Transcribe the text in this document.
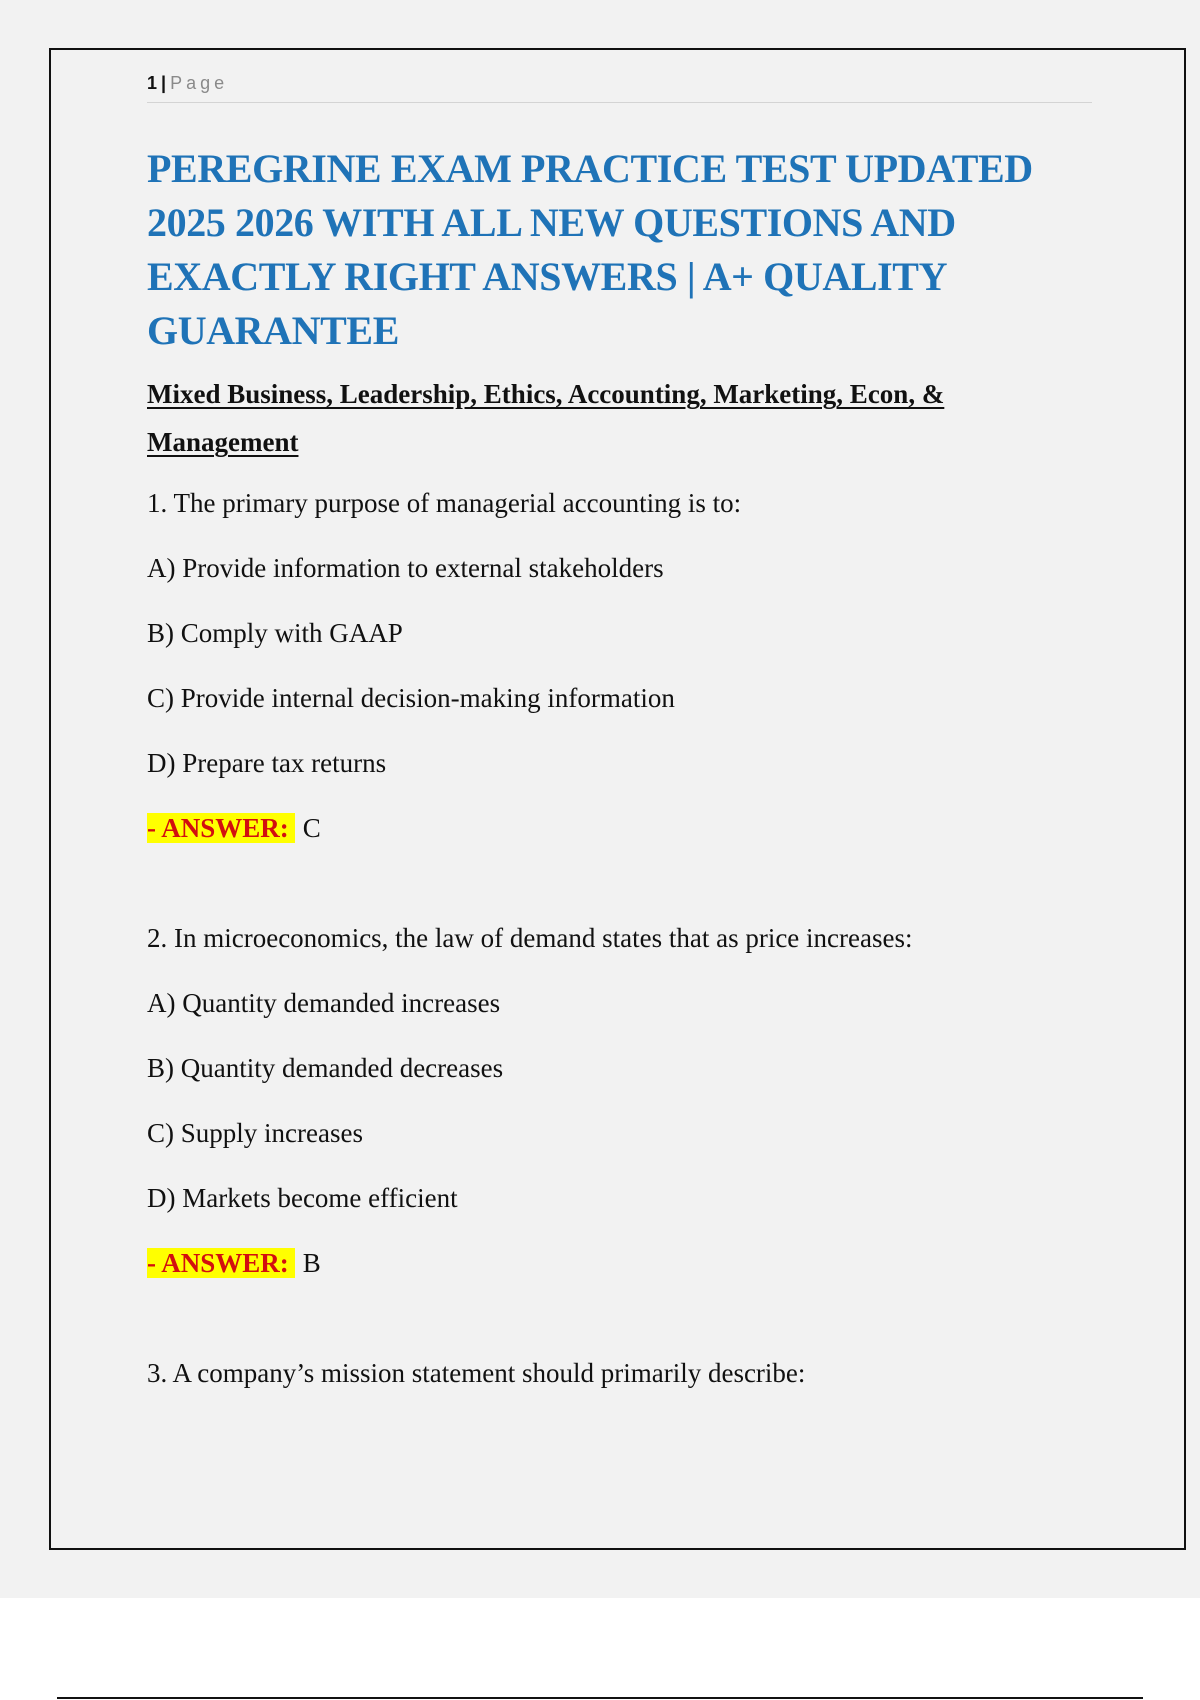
1 | Page
PEREGRINE EXAM PRACTICE TEST UPDATED 2025 2026 WITH ALL NEW QUESTIONS AND EXACTLY RIGHT ANSWERS | A+ QUALITY GUARANTEE
Mixed Business, Leadership, Ethics, Accounting, Marketing, Econ, & Management

1. The primary purpose of managerial accounting is to:

A) Provide information to external stakeholders

B) Comply with GAAP

C) Provide internal decision-making information

D) Prepare tax returns

- ANSWER: C

2. In microeconomics, the law of demand states that as price increases:

A) Quantity demanded increases

B) Quantity demanded decreases

C) Supply increases

D) Markets become efficient

- ANSWER: B

3. A company’s mission statement should primarily describe:
